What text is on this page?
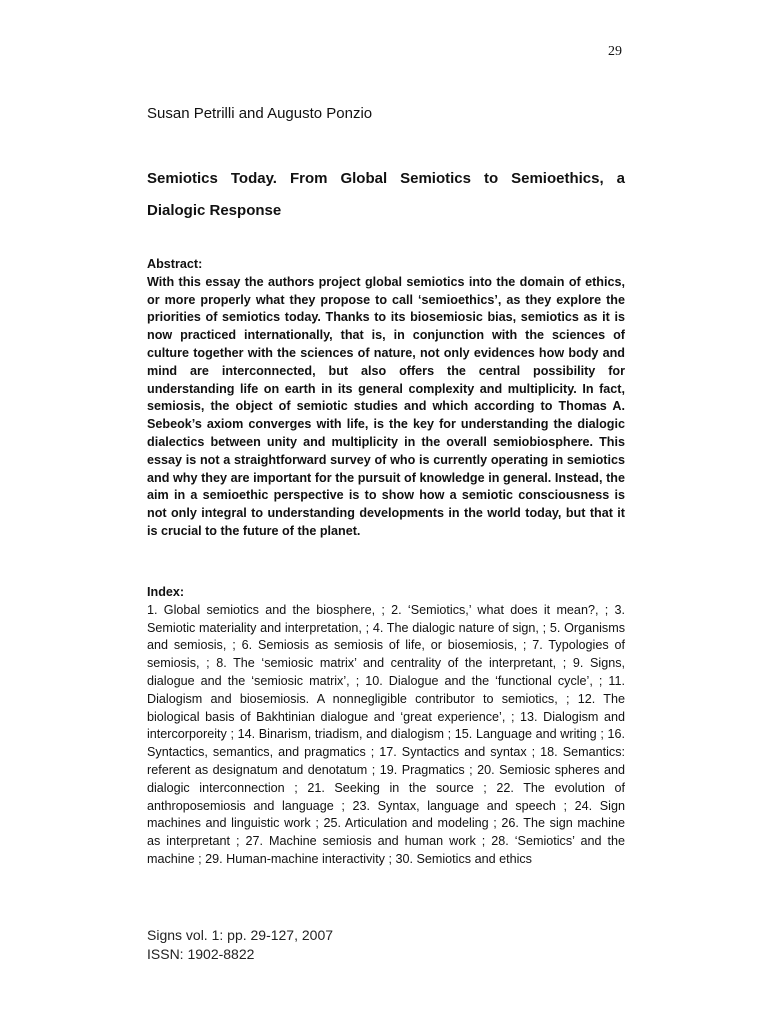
29
Susan Petrilli and Augusto Ponzio
Semiotics Today. From Global Semiotics to Semioethics, a Dialogic Response
Abstract:
With this essay the authors project global semiotics into the domain of ethics, or more properly what they propose to call ‘semioethics’, as they explore the priorities of semiotics today. Thanks to its biosemiosic bias, semiotics as it is now practiced internationally, that is, in conjunction with the sciences of culture together with the sciences of nature, not only evidences how body and mind are interconnected, but also offers the central possibility for understanding life on earth in its general complexity and multiplicity. In fact, semiosis, the object of semiotic studies and which according to Thomas A. Sebeok’s axiom converges with life, is the key for understanding the dialogic dialectics between unity and multiplicity in the overall semiobiosphere. This essay is not a straightforward survey of who is currently operating in semiotics and why they are important for the pursuit of knowledge in general. Instead, the aim in a semioethic perspective is to show how a semiotic consciousness is not only integral to understanding developments in the world today, but that it is crucial to the future of the planet.
Index:
1. Global semiotics and the biosphere, ; 2. ‘Semiotics,’ what does it mean?, ; 3. Semiotic materiality and interpretation, ; 4. The dialogic nature of sign, ; 5. Organisms and semiosis, ; 6. Semiosis as semiosis of life, or biosemiosis, ; 7. Typologies of semiosis, ; 8. The ‘semiosic matrix’ and centrality of the interpretant, ; 9. Signs, dialogue and the ‘semiosic matrix’, ; 10. Dialogue and the ‘functional cycle’, ; 11. Dialogism and biosemiosis. A nonnegligible contributor to semiotics, ; 12. The biological basis of Bakhtinian dialogue and ‘great experience’, ; 13. Dialogism and intercorporeity ; 14. Binarism, triadism, and dialogism ; 15. Language and writing ; 16. Syntactics, semantics, and pragmatics ; 17. Syntactics and syntax ; 18. Semantics: referent as designatum and denotatum ; 19. Pragmatics ; 20. Semiosic spheres and dialogic interconnection ; 21. Seeking in the source ; 22. The evolution of anthroposemiosis and language ; 23. Syntax, language and speech ; 24. Sign machines and linguistic work ; 25. Articulation and modeling ; 26. The sign machine as interpretant ; 27. Machine semiosis and human work ; 28. ‘Semiotics’ and the machine ; 29. Human-machine interactivity ; 30. Semiotics and ethics
Signs vol. 1: pp. 29-127, 2007
ISSN: 1902-8822
